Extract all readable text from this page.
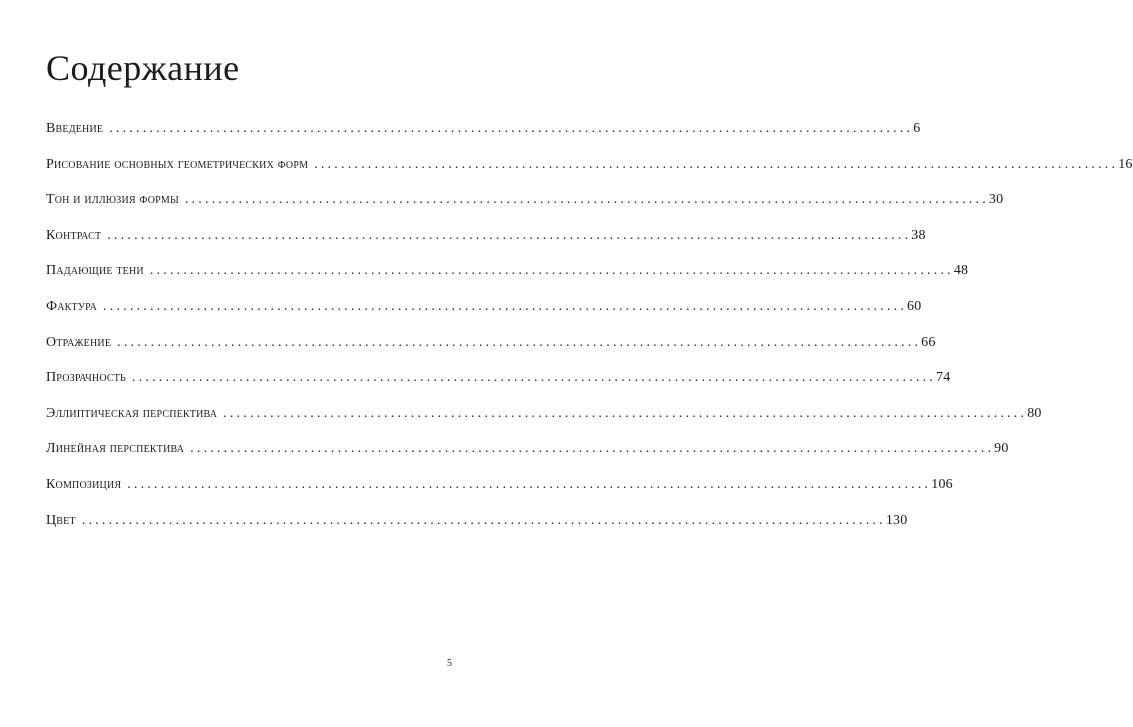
Содержание
Введение ........................................................................................................................ 6
Рисование основных геометрических форм ........................................................................................................................ 16
Тон и иллюзия формы ........................................................................................................................ 30
Контраст ........................................................................................................................ 38
Падающие тени ........................................................................................................................ 48
Фактура ........................................................................................................................ 60
Отражение ........................................................................................................................ 66
Прозрачность ........................................................................................................................ 74
Эллиптическая перспектива ........................................................................................................................ 80
Линейная перспектива ........................................................................................................................ 90
Композиция ........................................................................................................................ 106
Цвет ........................................................................................................................ 130
5
